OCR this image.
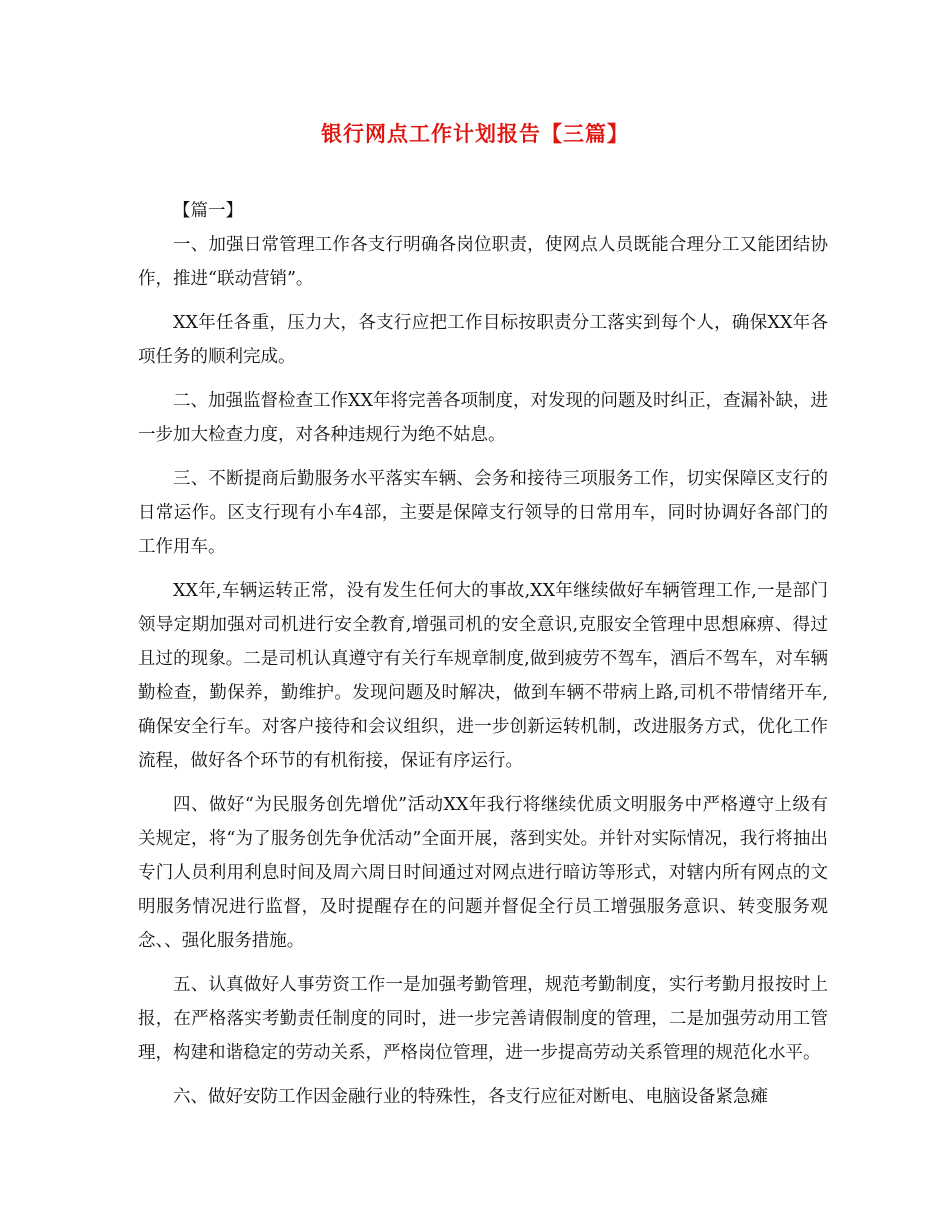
银行网点工作计划报告【三篇】

【篇一】

一、加强日常管理工作各支行明确各岗位职责，使网点人员既能合理分工又能团结协作，推进“联动营销”。

XX年任各重，压力大，各支行应把工作目标按职责分工落实到每个人，确保XX年各项任务的顺利完成。

二、加强监督检查工作XX年将完善各项制度，对发现的问题及时纠正，查漏补缺，进一步加大检查力度，对各种违规行为绝不姑息。

三、不断提商后勤服务水平落实车辆、会务和接待三项服务工作，切实保障区支行的日常运作。区支行现有小车4部，主要是保障支行领导的日常用车，同时协调好各部门的工作用车。

XX年,车辆运转正常，没有发生任何大的事故,XX年继续做好车辆管理工作,一是部门领导定期加强对司机进行安全教育,增强司机的安全意识,克服安全管理中思想麻痹、得过且过的现象。二是司机认真遵守有关行车规章制度,做到疲劳不驾车，酒后不驾车，对车辆勤检查，勤保养，勤维护。发现问题及时解决，做到车辆不带病上路,司机不带情绪开车,确保安全行车。对客户接待和会议组织，进一步创新运转机制，改进服务方式，优化工作流程，做好各个环节的有机衔接，保证有序运行。

四、做好“为民服务创先增优”活动XX年我行将继续优质文明服务中严格遵守上级有关规定，将“为了服务创先争优活动”全面开展，落到实处。并针对实际情况，我行将抽出专门人员利用利息时间及周六周日时间通过对网点进行暗访等形式，对辖内所有网点的文明服务情况进行监督，及时提醒存在的问题并督促全行员工增强服务意识、转变服务观念、、强化服务措施。

五、认真做好人事劳资工作一是加强考勤管理，规范考勤制度，实行考勤月报按时上报，在严格落实考勤责任制度的同时，进一步完善请假制度的管理，二是加强劳动用工管理，构建和谐稳定的劳动关系，严格岗位管理，进一步提高劳动关系管理的规范化水平。

六、做好安防工作因金融行业的特殊性，各支行应征对断电、电脑设备紧急瘫
